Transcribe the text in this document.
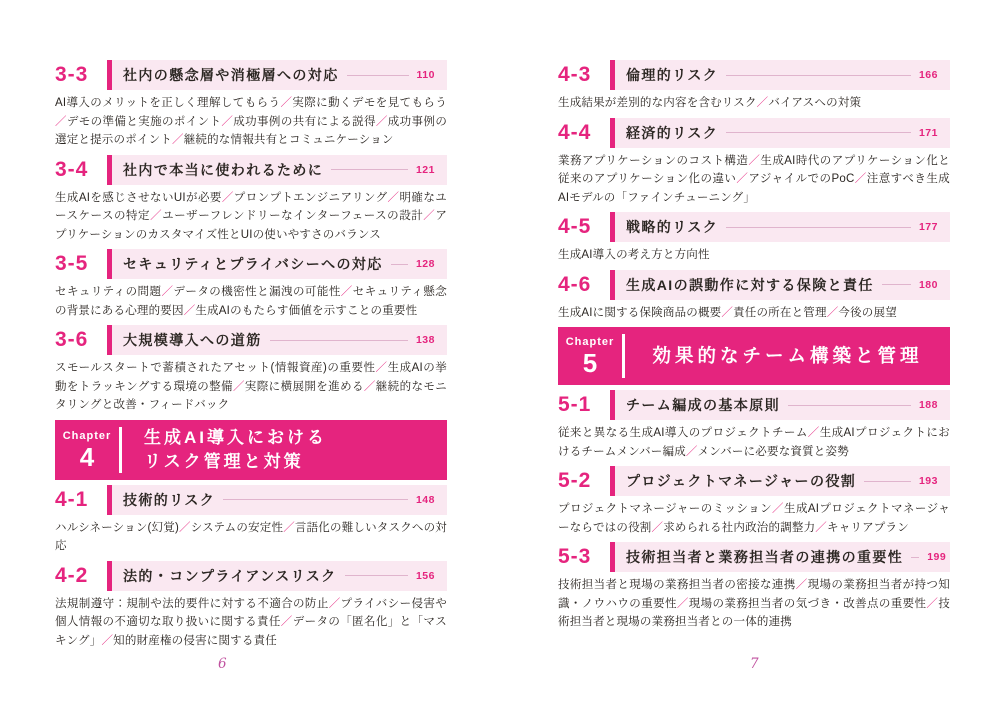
3-3	社内の懸念層や消極層への対応	110

AI導入のメリットを正しく理解してもらう／実際に動くデモを見てもらう／デモの準備と実施のポイント／成功事例の共有による説得／成功事例の選定と提示のポイント／継続的な情報共有とコミュニケーション

3-4	社内で本当に使われるために	121

生成AIを感じさせないUIが必要／プロンプトエンジニアリング／明確なユースケースの特定／ユーザーフレンドリーなインターフェースの設計／アプリケーションのカスタマイズ性とUIの使いやすさのバランス

3-5	セキュリティとプライバシーへの対応	128

セキュリティの問題／データの機密性と漏洩の可能性／セキュリティ懸念の背景にある心理的要因／生成AIのもたらす価値を示すことの重要性

3-6	大規模導入への道筋	138

スモールスタートで蓄積されたアセット(情報資産)の重要性／生成AIの挙動をトラッキングする環境の整備／実際に横展開を進める／継続的なモニタリングと改善・フィードバック

Chapter
4
生成AI導入における
リスク管理と対策
4-1	技術的リスク	148

ハルシネーション(幻覚)／システムの安定性／言語化の難しいタスクへの対応

4-2	法的・コンプライアンスリスク	156

法規制遵守：規制や法的要件に対する不適合の防止／プライバシー侵害や個人情報の不適切な取り扱いに関する責任／データの「匿名化」と「マスキング」／知的財産権の侵害に関する責任

4-3	倫理的リスク	166

生成結果が差別的な内容を含むリスク／バイアスへの対策

4-4	経済的リスク	171

業務アプリケーションのコスト構造／生成AI時代のアプリケーション化と従来のアプリケーション化の違い／アジャイルでのPoC／注意すべき生成AIモデルの「ファインチューニング」

4-5	戦略的リスク	177

生成AI導入の考え方と方向性

4-6	生成AIの誤動作に対する保険と責任	180

生成AIに関する保険商品の概要／責任の所在と管理／今後の展望

Chapter
5	効果的なチーム構築と管理
5-1	チーム編成の基本原則	188

従来と異なる生成AI導入のプロジェクトチーム／生成AIプロジェクトにおけるチームメンバー編成／メンバーに必要な資質と姿勢

5-2	プロジェクトマネージャーの役割	193

プロジェクトマネージャーのミッション／生成AIプロジェクトマネージャーならではの役割／求められる社内政治的調整力／キャリアプラン

5-3	技術担当者と業務担当者の連携の重要性 199

技術担当者と現場の業務担当者の密接な連携／現場の業務担当者が持つ知識・ノウハウの重要性／現場の業務担当者の気づき・改善点の重要性／技術担当者と現場の業務担当者との一体的連携

6	7
